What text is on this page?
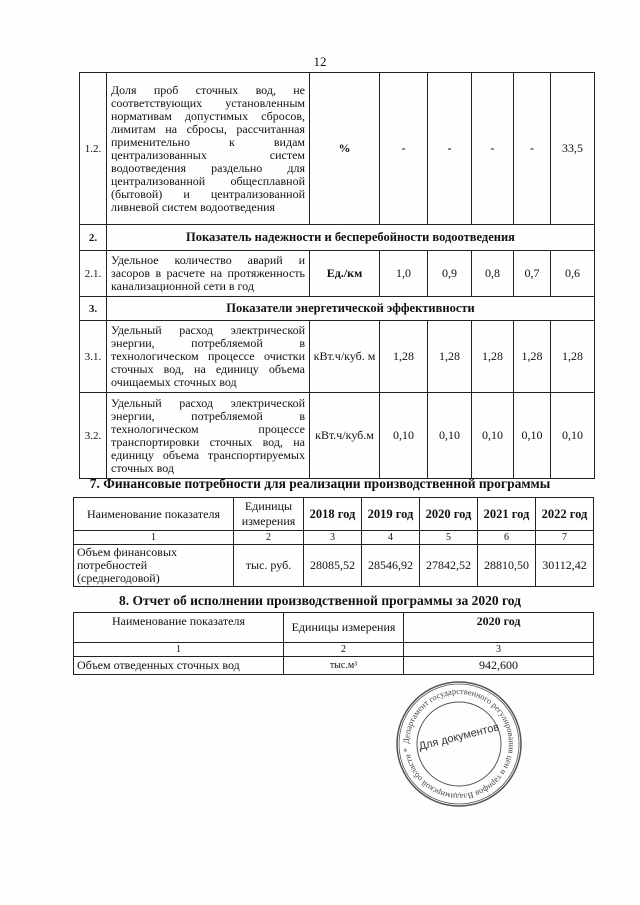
12
1.2.	Доля проб сточных вод, не соответствующих установленным нормативам допустимых сбросов, лимитам на сбросы, рассчитанная применительно к видам централизованных систем водоотведения раздельно для централизованной общесплавной (бытовой) и централизованной ливневой систем водоотведения	%	-	-	-	-	33,5
2.	Показатель надежности и бесперебойности водоотведения						
2.1.	Удельное количество аварий и засоров в расчете на протяженность канализационной сети в год	Ед./км	1,0	0,9	0,8	0,7	0,6
3.	Показатели энергетической эффективности						
3.1.	Удельный расход электрической энергии, потребляемой в технологическом процессе очистки сточных вод, на единицу объема очищаемых сточных вод	кВт.ч/куб. м	1,28	1,28	1,28	1,28	1,28
3.2.	Удельный расход электрической энергии, потребляемой в технологическом процессе транспортировки сточных вод, на единицу объема транспортируемых сточных вод	кВт.ч/куб.м	0,10	0,10	0,10	0,10	0,10
7. Финансовые потребности для реализации производственной программы
Наименование показателя	Единицы измерения	2018 год	2019 год	2020 год	2021 год	2022 год
1	2	3	4	5	6	7
Объем финансовых потребностей (среднегодовой)	тыс. руб.	28085,52	28546,92	27842,52	28810,50	30112,42
8. Отчет об исполнении производственной программы за 2020 год
Наименование показателя	Единицы измерения	2020 год
1	2	3
Объем отведенных сточных вод	тыс.м³	942,600
Департамент государственного регулирования цен и тарифов Владимирской области * Для документов
